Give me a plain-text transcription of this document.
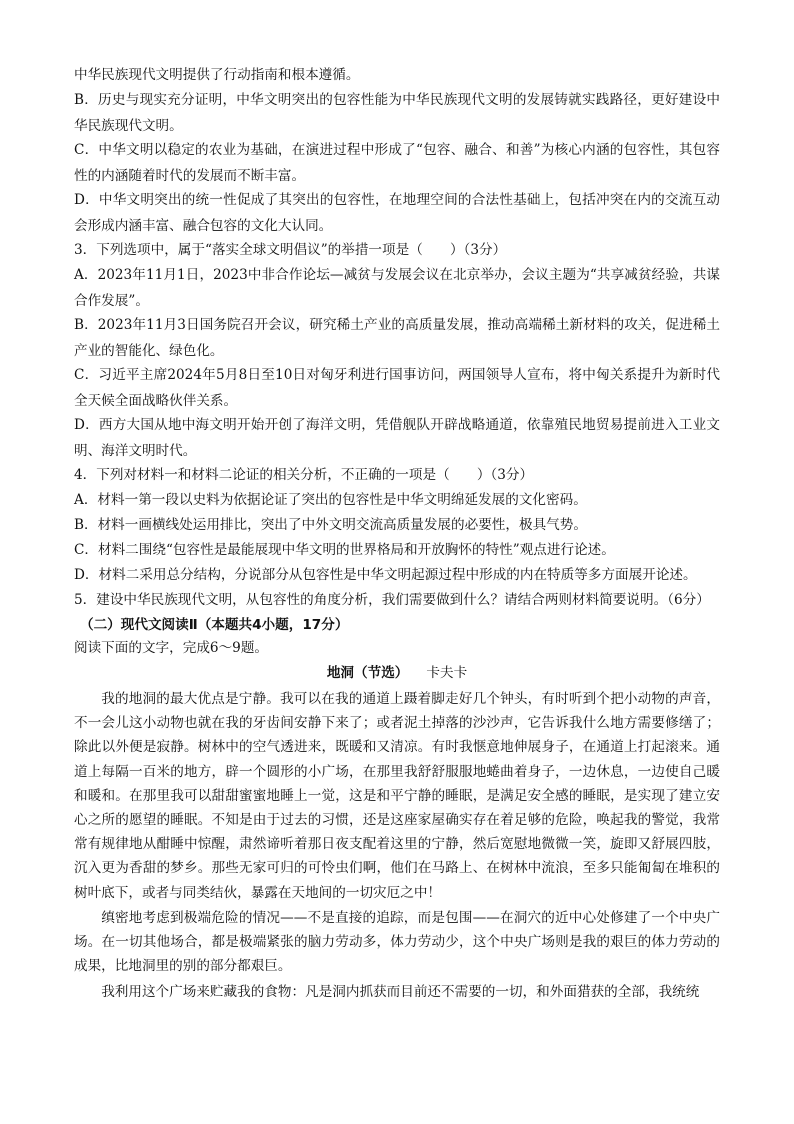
中华民族现代文明提供了行动指南和根本遵循。

B．历史与现实充分证明，中华文明突出的包容性能为中华民族现代文明的发展铸就实践路径，更好建设中华民族现代文明。

C．中华文明以稳定的农业为基础，在演进过程中形成了“包容、融合、和善”为核心内涵的包容性，其包容性的内涵随着时代的发展而不断丰富。

D．中华文明突出的统一性促成了其突出的包容性，在地理空间的合法性基础上，包括冲突在内的交流互动会形成内涵丰富、融合包容的文化大认同。

3．下列选项中，属于“落实全球文明倡议”的举措一项是（　　）（3分）

A．2023年11月1日，2023中非合作论坛—减贫与发展会议在北京举办，会议主题为“共享减贫经验，共谋合作发展”。

B．2023年11月3日国务院召开会议，研究稀土产业的高质量发展，推动高端稀土新材料的攻关，促进稀土产业的智能化、绿色化。

C．习近平主席2024年5月8日至10日对匈牙利进行国事访问，两国领导人宣布，将中匈关系提升为新时代全天候全面战略伙伴关系。

D．西方大国从地中海文明开始开创了海洋文明，凭借舰队开辟战略通道，依靠殖民地贸易提前进入工业文明、海洋文明时代。

4．下列对材料一和材料二论证的相关分析，不正确的一项是（　　）（3分）

A．材料一第一段以史料为依据论证了突出的包容性是中华文明绵延发展的文化密码。

B．材料一画横线处运用排比，突出了中外文明交流高质量发展的必要性，极具气势。

C．材料二围绕“包容性是最能展现中华文明的世界格局和开放胸怀的特性”观点进行论述。

D．材料二采用总分结构，分说部分从包容性是中华文明起源过程中形成的内在特质等多方面展开论述。

5．建设中华民族现代文明，从包容性的角度分析，我们需要做到什么？请结合两则材料简要说明。（6分）

（二）现代文阅读Ⅱ（本题共4小题，17分）

阅读下面的文字，完成6～9题。

地洞（节选） 卡夫卡

我的地洞的最大优点是宁静。我可以在我的通道上蹑着脚走好几个钟头，有时听到个把小动物的声音，不一会儿这小动物也就在我的牙齿间安静下来了；或者泥土掉落的沙沙声，它告诉我什么地方需要修缮了；除此以外便是寂静。树林中的空气透进来，既暖和又清凉。有时我惬意地伸展身子，在通道上打起滚来。通道上每隔一百米的地方，辟一个圆形的小广场，在那里我舒舒服服地蜷曲着身子，一边休息，一边使自己暖和暖和。在那里我可以甜甜蜜蜜地睡上一觉，这是和平宁静的睡眠，是满足安全感的睡眠，是实现了建立安心之所的愿望的睡眠。不知是由于过去的习惯，还是这座家屋确实存在着足够的危险，唤起我的警觉，我常常有规律地从酣睡中惊醒，肃然谛听着那日夜支配着这里的宁静，然后宽慰地微微一笑，旋即又舒展四肢，沉入更为香甜的梦乡。那些无家可归的可怜虫们啊，他们在马路上、在树林中流浪，至多只能匍匐在堆积的树叶底下，或者与同类结伙，暴露在天地间的一切灾厄之中！

缜密地考虑到极端危险的情况——不是直接的追踪，而是包围——在洞穴的近中心处修建了一个中央广场。在一切其他场合，都是极端紧张的脑力劳动多，体力劳动少，这个中央广场则是我的艰巨的体力劳动的成果，比地洞里的别的部分都艰巨。

我利用这个广场来贮藏我的食物：凡是洞内抓获而目前还不需要的一切，和外面猎获的全部，我统统
